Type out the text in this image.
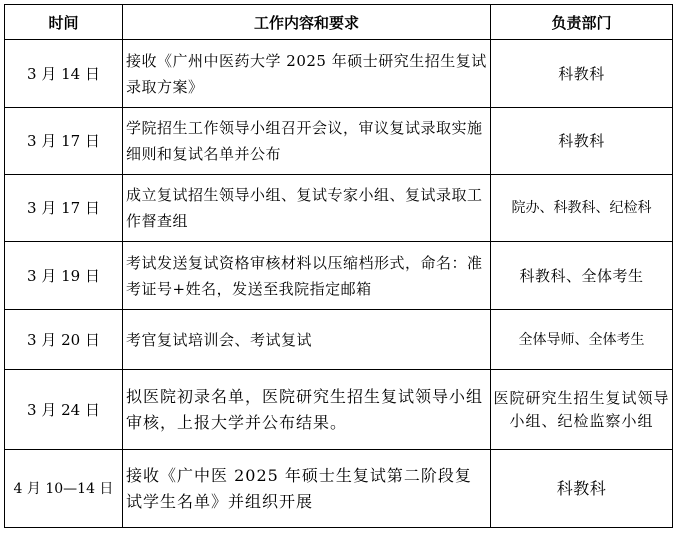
时间	工作内容和要求	负责部门
3 月 14 日	接收《广州中医药大学 2025 年硕士研究生招生复试录取方案》	科教科
3 月 17 日	学院招生工作领导小组召开会议，审议复试录取实施细则和复试名单并公布	科教科
3 月 17 日	成立复试招生领导小组、复试专家小组、复试录取工作督查组	院办、科教科、纪检科
3 月 19 日	考试发送复试资格审核材料以压缩档形式，命名：准考证号+姓名，发送至我院指定邮箱	科教科、全体考生
3 月 20 日	考官复试培训会、考试复试	全体导师、全体考生
3 月 24 日	拟医院初录名单，医院研究生招生复试领导小组审核，上报大学并公布结果。	医院研究生招生复试领导小组、纪检监察小组
4 月 10—14 日	接收《广中医 2025 年硕士生复试第二阶段复试学生名单》并组织开展	科教科
